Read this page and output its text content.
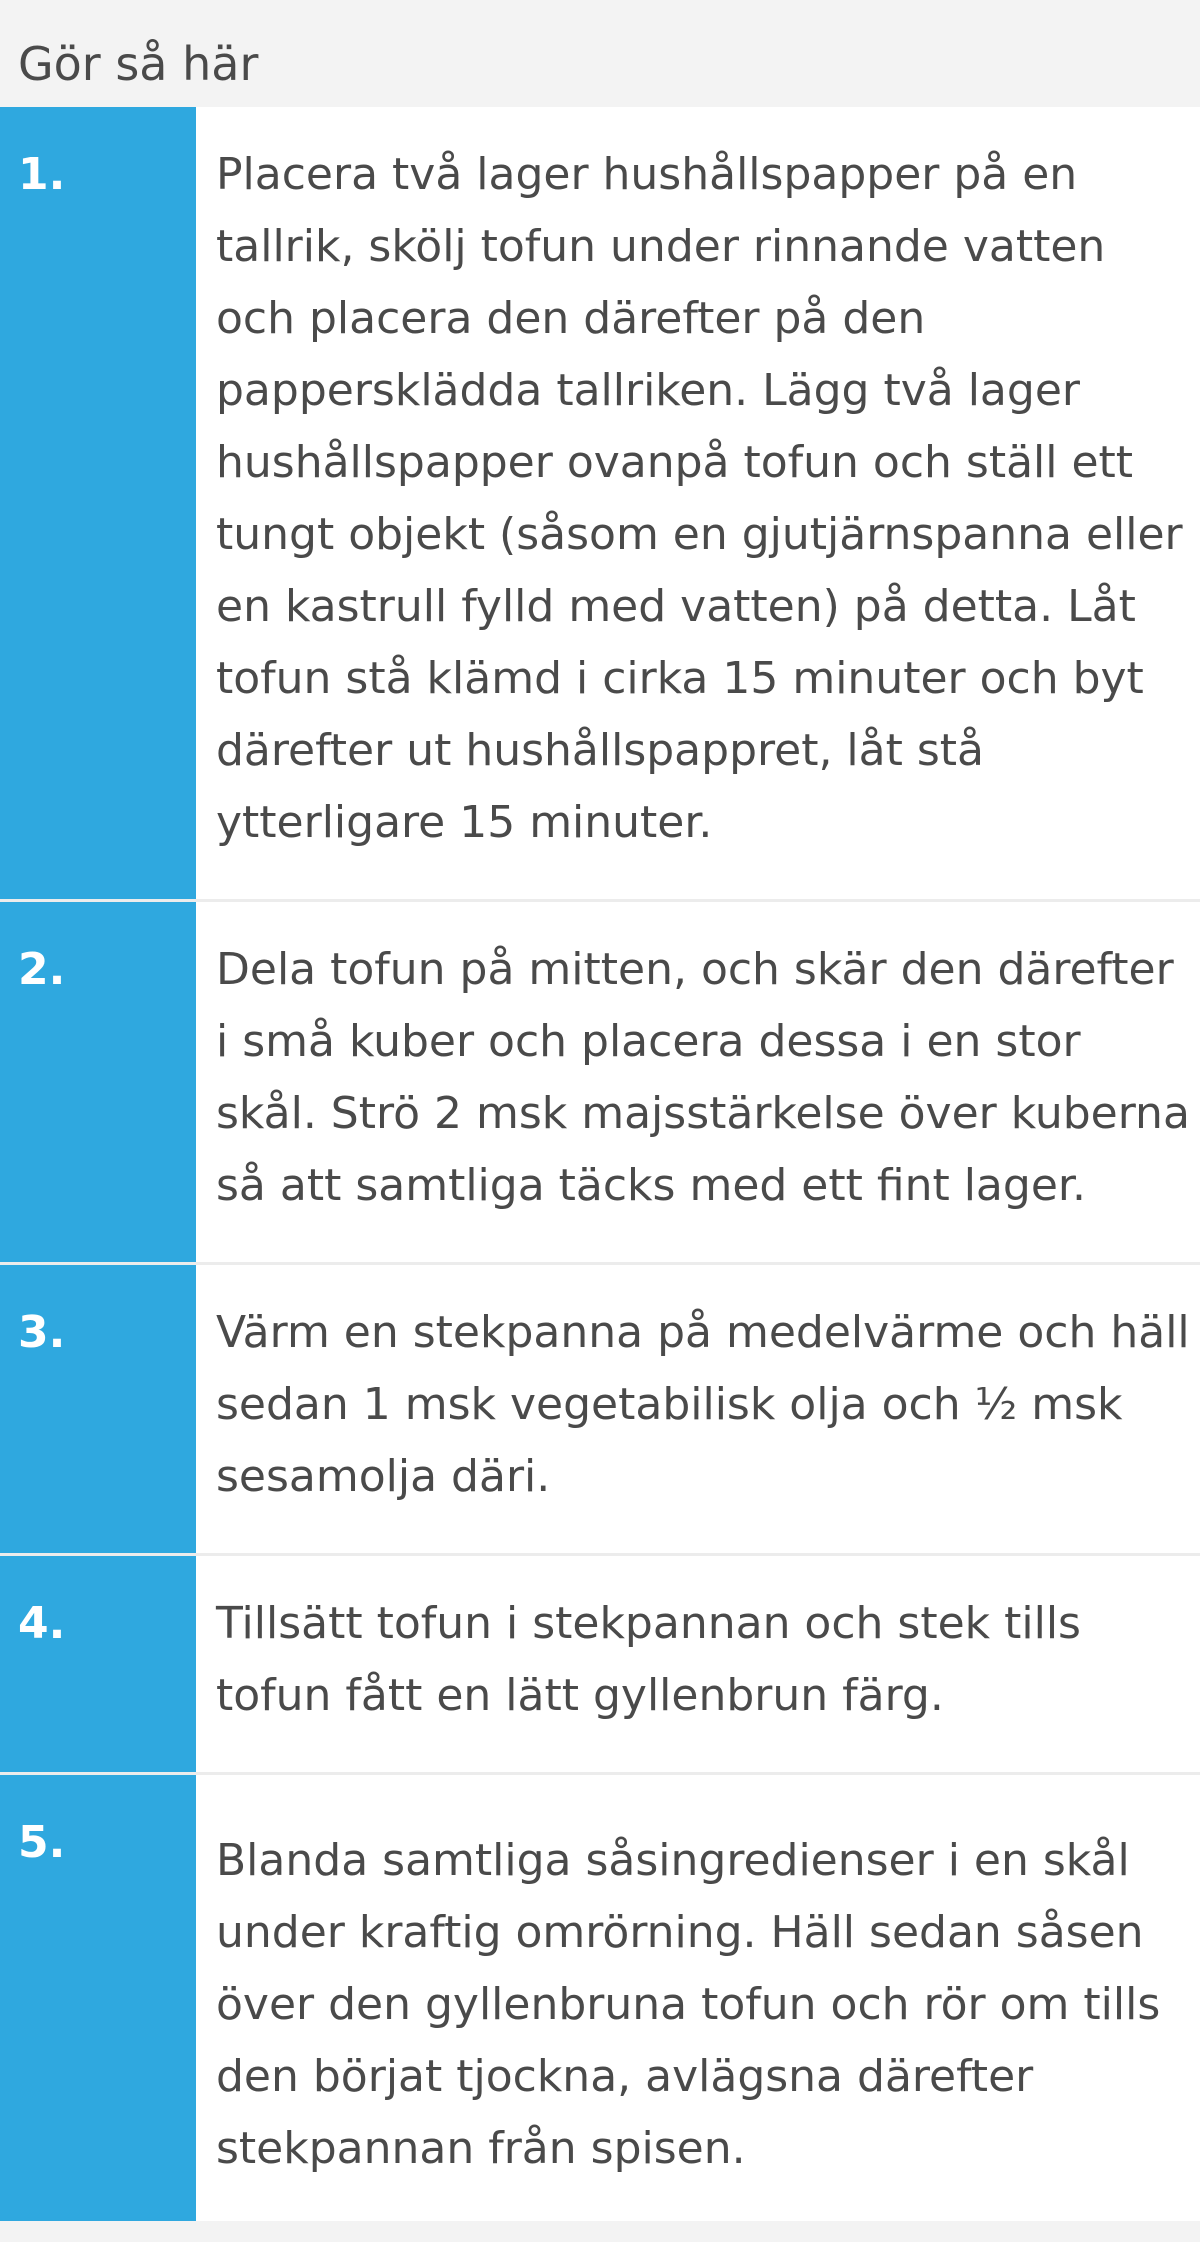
Gör så här
1.	Placera två lager hushållspapper på en tallrik, skölj tofun under rinnande vatten och placera den därefter på den pappersklädda tallriken. Lägg två lager hushållspapper ovanpå tofun och ställ ett tungt objekt (såsom en gjutjärnspanna eller en kastrull fylld med vatten) på detta. Låt tofun stå klämd i cirka 15 minuter och byt därefter ut hushållspappret, låt stå ytterligare 15 minuter.

2.	Dela tofun på mitten, och skär den därefter i små kuber och placera dessa i en stor skål. Strö 2 msk majsstärkelse över kuberna så att samtliga täcks med ett fint lager.

3.	Värm en stekpanna på medelvärme och häll sedan 1 msk vegetabilisk olja och ½ msk sesamolja däri.

4.	Tillsätt tofun i stekpannan och stek tills tofun fått en lätt gyllenbrun färg.

5.	Blanda samtliga såsingredienser i en skål under kraftig omrörning. Häll sedan såsen över den gyllenbruna tofun och rör om tills den börjat tjockna, avlägsna därefter stekpannan från spisen.
